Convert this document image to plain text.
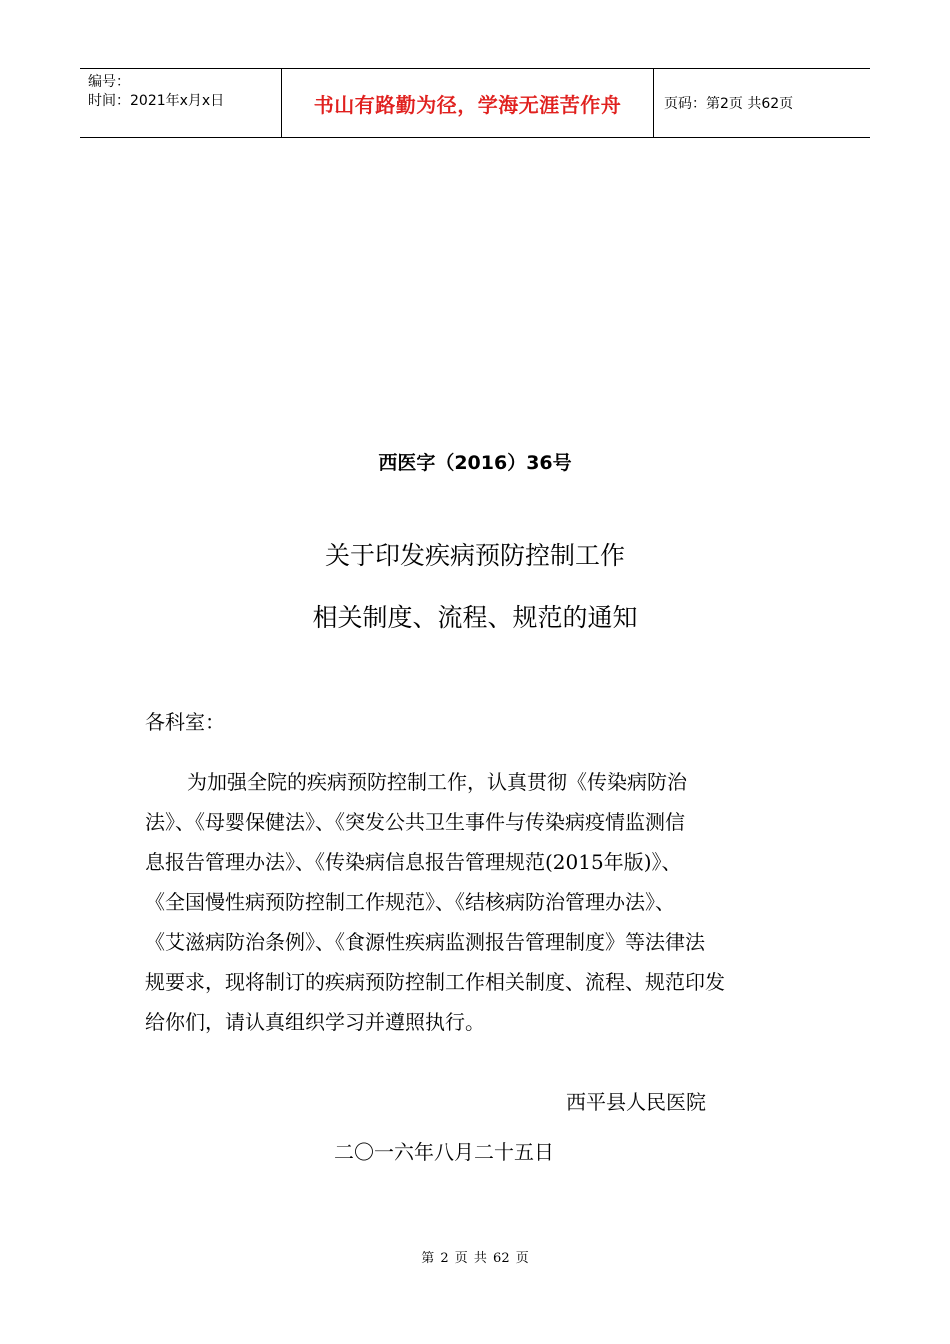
编号：
时间：2021年x月x日	书山有路勤为径，学海无涯苦作舟	页码：第2页 共62页
西医字（2016）36号
关于印发疾病预防控制工作
相关制度、流程、规范的通知
各科室：
为加强全院的疾病预防控制工作，认真贯彻《传染病防治
法》、《母婴保健法》、《突发公共卫生事件与传染病疫情监测信
息报告管理办法》、《传染病信息报告管理规范(2015年版)》、
《全国慢性病预防控制工作规范》、《结核病防治管理办法》、
《艾滋病防治条例》、《食源性疾病监测报告管理制度》等法律法
规要求，现将制订的疾病预防控制工作相关制度、流程、规范印发
给你们，请认真组织学习并遵照执行。
西平县人民医院
二〇一六年八月二十五日
第 2 页 共 62 页
